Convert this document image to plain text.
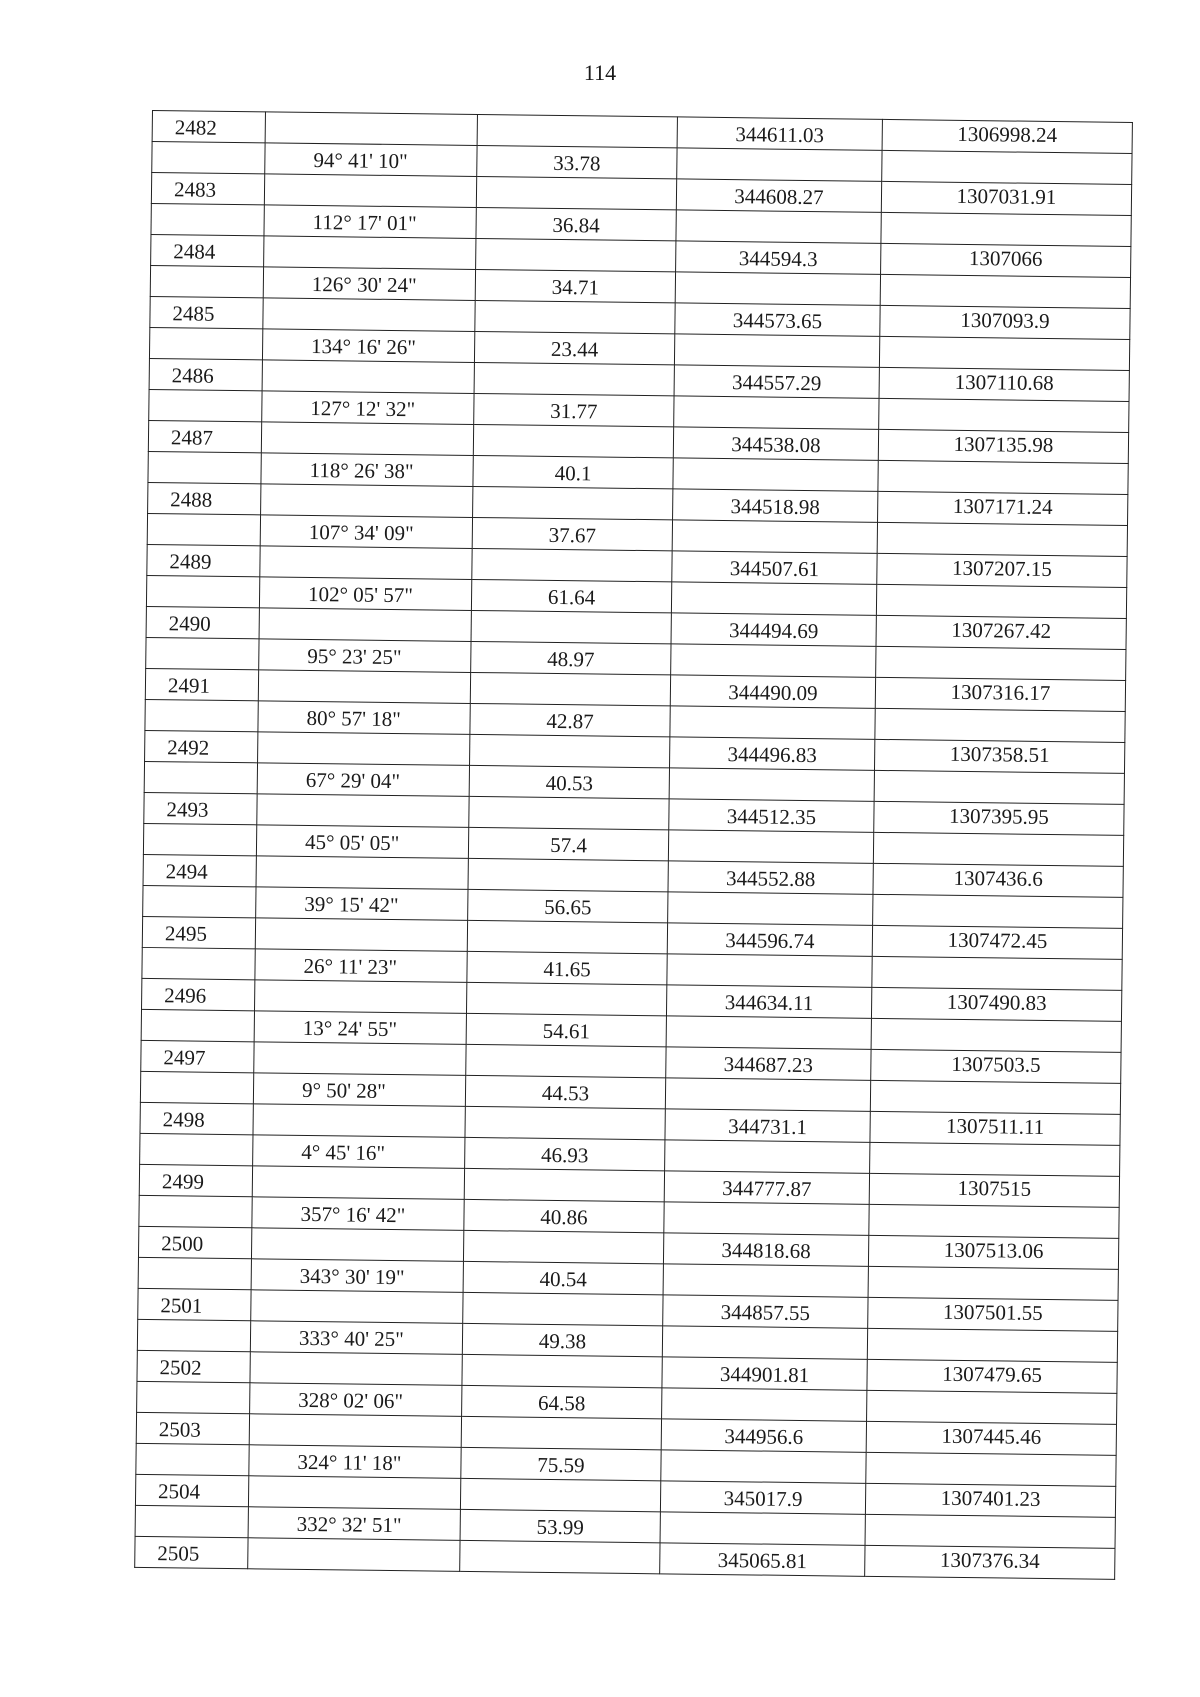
114
2482			344611.03	1306998.24
	94° 41' 10"	33.78		
2483			344608.27	1307031.91
	112° 17' 01"	36.84		
2484			344594.3	1307066
	126° 30' 24"	34.71		
2485			344573.65	1307093.9
	134° 16' 26"	23.44		
2486			344557.29	1307110.68
	127° 12' 32"	31.77		
2487			344538.08	1307135.98
	118° 26' 38"	40.1		
2488			344518.98	1307171.24
	107° 34' 09"	37.67		
2489			344507.61	1307207.15
	102° 05' 57"	61.64		
2490			344494.69	1307267.42
	95° 23' 25"	48.97		
2491			344490.09	1307316.17
	80° 57' 18"	42.87		
2492			344496.83	1307358.51
	67° 29' 04"	40.53		
2493			344512.35	1307395.95
	45° 05' 05"	57.4		
2494			344552.88	1307436.6
	39° 15' 42"	56.65		
2495			344596.74	1307472.45
	26° 11' 23"	41.65		
2496			344634.11	1307490.83
	13° 24' 55"	54.61		
2497			344687.23	1307503.5
	9° 50' 28"	44.53		
2498			344731.1	1307511.11
	4° 45' 16"	46.93		
2499			344777.87	1307515
	357° 16' 42"	40.86		
2500			344818.68	1307513.06
	343° 30' 19"	40.54		
2501			344857.55	1307501.55
	333° 40' 25"	49.38		
2502			344901.81	1307479.65
	328° 02' 06"	64.58		
2503			344956.6	1307445.46
	324° 11' 18"	75.59		
2504			345017.9	1307401.23
	332° 32' 51"	53.99		
2505			345065.81	1307376.34
